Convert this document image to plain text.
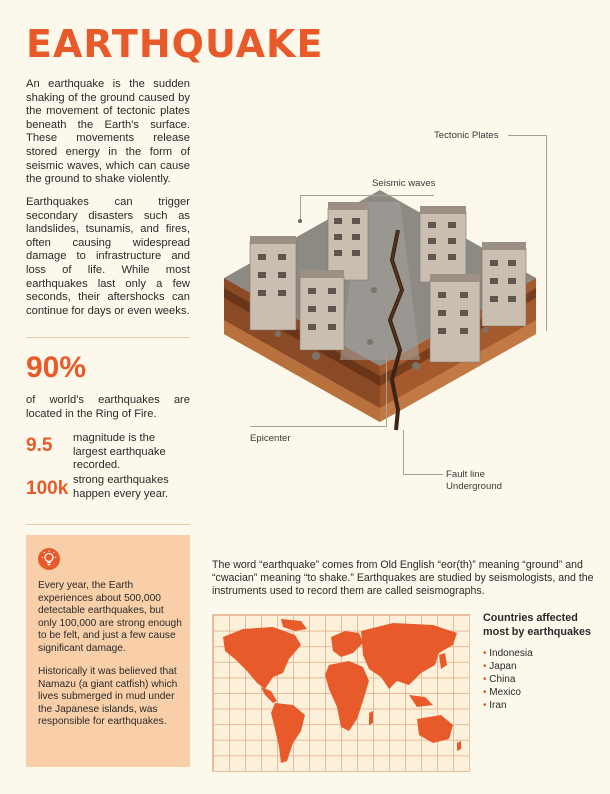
EARTHQUAKE
An earthquake is the sudden shaking of the ground caused by the movement of tectonic plates beneath the Earth's surface. These movements release stored energy in the form of seismic waves, which can cause the ground to shake violently.
Earthquakes can trigger secondary disasters such as landslides, tsunamis, and fires, often causing widespread damage to infrastructure and loss of life. While most earthquakes last only a few seconds, their aftershocks can continue for days or even weeks.
90%
of world's earthquakes are located in the Ring of Fire.
9.5 magnitude is the largest earthquake recorded.
100k strong earthquakes happen every year.
Every year, the Earth experiences about 500,000 detectable earthquakes, but only 100,000 are strong enough to be felt, and just a few cause significant damage.
Historically it was believed that Namazu (a giant catfish) which lives submerged in mud under the Japanese islands, was responsible for earthquakes.
Tectonic Plates
Seismic waves
Epicenter
Fault line
Underground
The word “earthquake” comes from Old English “eor(th)” meaning “ground” and “cwacian” meaning “to shake.” Earthquakes are studied by seismologists, and the instruments used to record them are called seismographs.
Countries affected most by earthquakes
• Indonesia
• Japan
• China
• Mexico
• Iran
